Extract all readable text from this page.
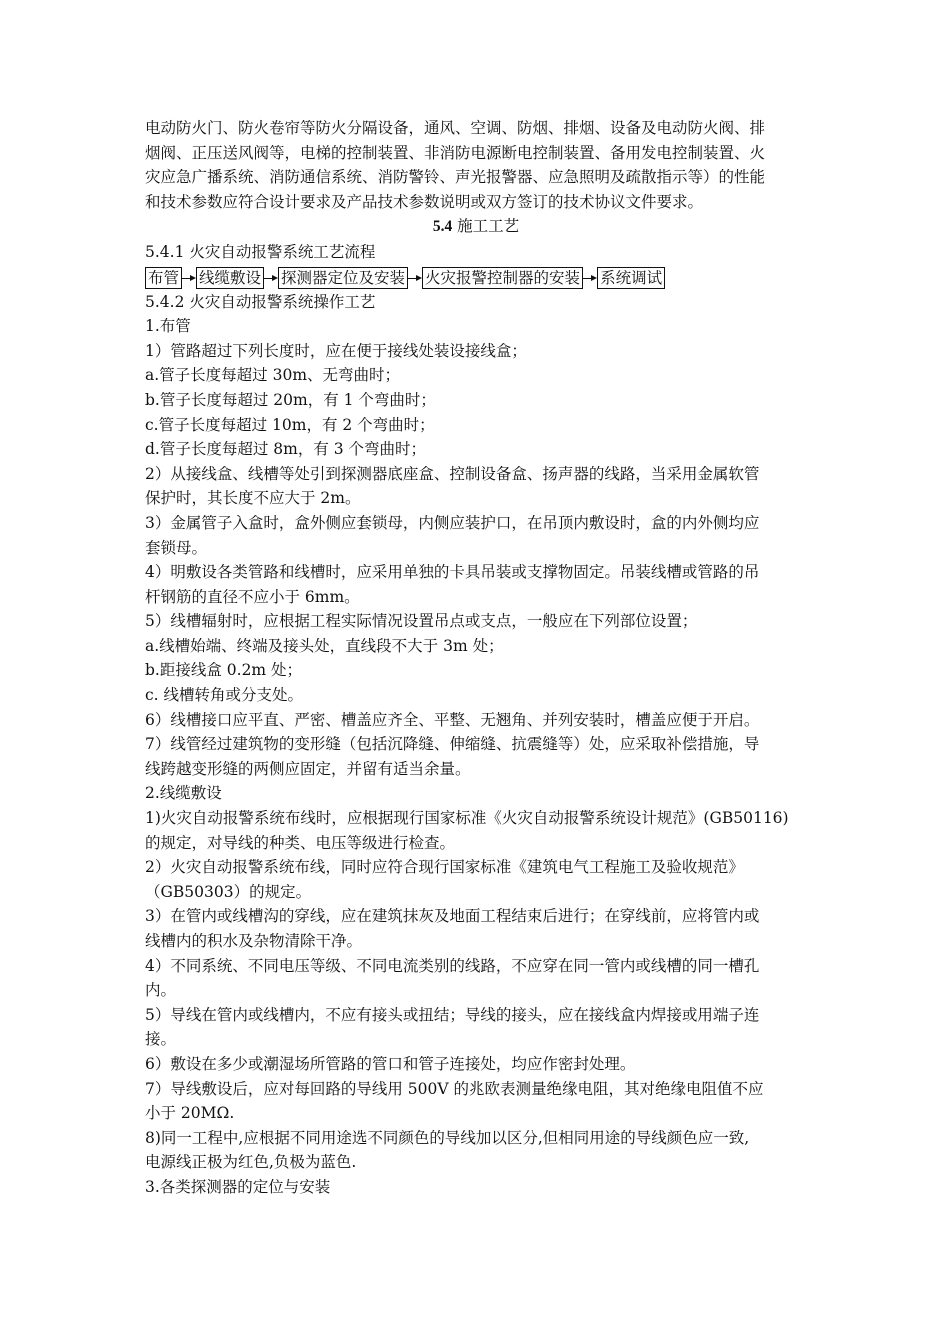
电动防火门、防火卷帘等防火分隔设备，通风、空调、防烟、排烟、设备及电动防火阀、排
烟阀、正压送风阀等，电梯的控制装置、非消防电源断电控制装置、备用发电控制装置、火
灾应急广播系统、消防通信系统、消防警铃、声光报警器、应急照明及疏散指示等）的性能
和技术参数应符合设计要求及产品技术参数说明或双方签订的技术协议文件要求。

5.4 施工工艺

5.4.1 火灾自动报警系统工艺流程

布管 线缆敷设 探测器定位及安装 火灾报警控制器的安装 系统调试

5.4.2 火灾自动报警系统操作工艺

1.布管

1）管路超过下列长度时，应在便于接线处装设接线盒；
a.管子长度每超过 30m、无弯曲时；
b.管子长度每超过 20m，有 1 个弯曲时；
c.管子长度每超过 10m，有 2 个弯曲时；
d.管子长度每超过 8m，有 3 个弯曲时；
2）从接线盒、线槽等处引到探测器底座盒、控制设备盒、扬声器的线路，当采用金属软管
保护时，其长度不应大于 2m。
3）金属管子入盒时，盒外侧应套锁母，内侧应装护口，在吊顶内敷设时，盒的内外侧均应
套锁母。
4）明敷设各类管路和线槽时，应采用单独的卡具吊装或支撑物固定。吊装线槽或管路的吊
杆钢筋的直径不应小于 6mm。
5）线槽辐射时，应根据工程实际情况设置吊点或支点，一般应在下列部位设置；
a.线槽始端、终端及接头处，直线段不大于 3m 处；
b.距接线盒 0.2m 处；
c. 线槽转角或分支处。
6）线槽接口应平直、严密、槽盖应齐全、平整、无翘角、并列安装时，槽盖应便于开启。
7）线管经过建筑物的变形缝（包括沉降缝、伸缩缝、抗震缝等）处，应采取补偿措施，导
线跨越变形缝的两侧应固定，并留有适当余量。

2.线缆敷设

1)火灾自动报警系统布线时，应根据现行国家标准《火灾自动报警系统设计规范》(GB50116)
的规定，对导线的种类、电压等级进行检查。
2）火灾自动报警系统布线，同时应符合现行国家标准《建筑电气工程施工及验收规范》
（GB50303）的规定。
3）在管内或线槽沟的穿线，应在建筑抹灰及地面工程结束后进行；在穿线前，应将管内或
线槽内的积水及杂物清除干净。
4）不同系统、不同电压等级、不同电流类别的线路，不应穿在同一管内或线槽的同一槽孔
内。
5）导线在管内或线槽内，不应有接头或扭结；导线的接头，应在接线盒内焊接或用端子连
接。
6）敷设在多少或潮湿场所管路的管口和管子连接处，均应作密封处理。
7）导线敷设后，应对每回路的导线用 500V 的兆欧表测量绝缘电阻，其对绝缘电阻值不应
小于 20MΩ.
8)同一工程中,应根据不同用途选不同颜色的导线加以区分,但相同用途的导线颜色应一致,
电源线正极为红色,负极为蓝色.

3.各类探测器的定位与安装
